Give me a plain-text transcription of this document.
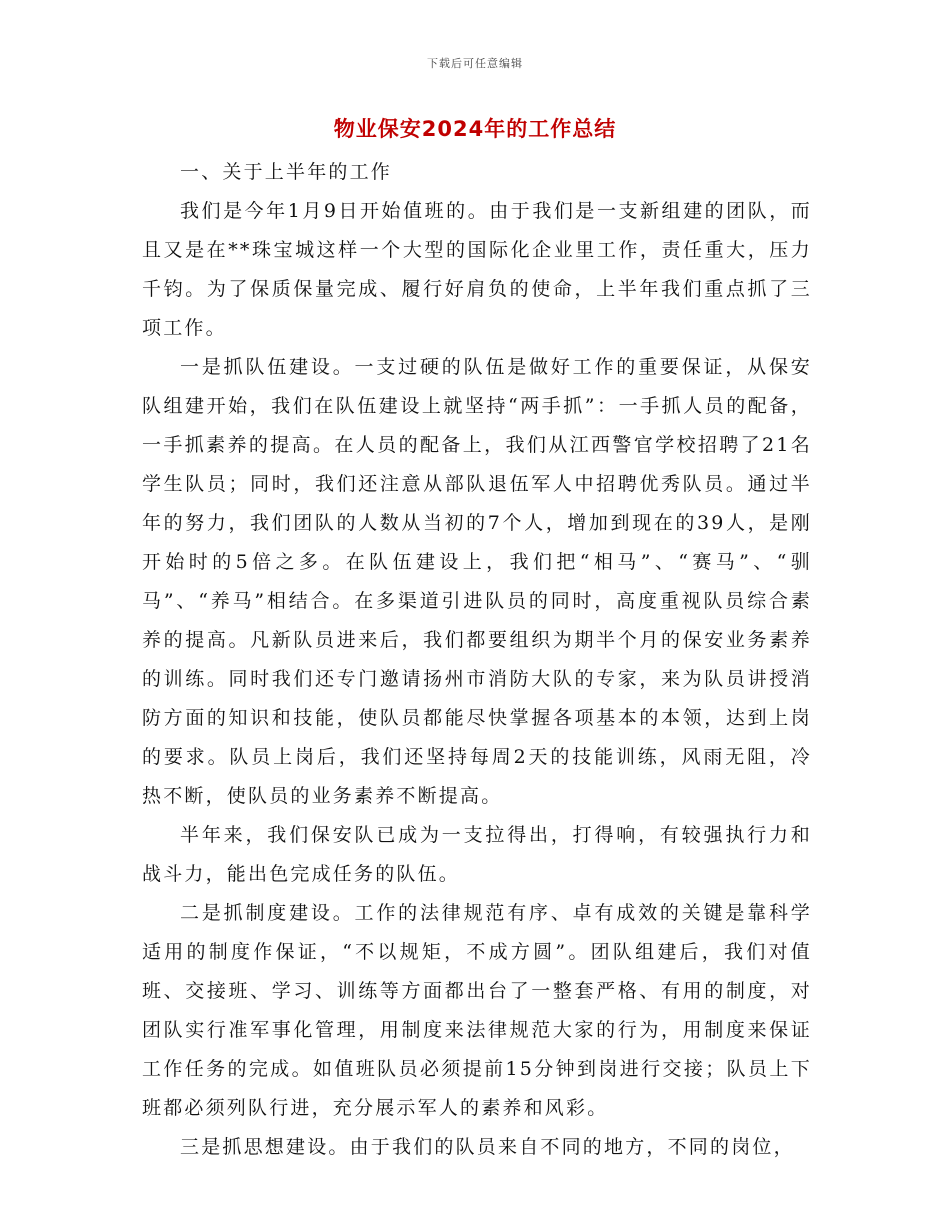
下载后可任意编辑
物业保安2024年的工作总结

一、关于上半年的工作

我们是今年1月9日开始值班的。由于我们是一支新组建的团队，而且又是在**珠宝城这样一个大型的国际化企业里工作，责任重大，压力千钧。为了保质保量完成、履行好肩负的使命，上半年我们重点抓了三项工作。

一是抓队伍建设。一支过硬的队伍是做好工作的重要保证，从保安队组建开始，我们在队伍建设上就坚持“两手抓”：一手抓人员的配备，一手抓素养的提高。在人员的配备上，我们从江西警官学校招聘了21名学生队员；同时，我们还注意从部队退伍军人中招聘优秀队员。通过半年的努力，我们团队的人数从当初的7个人，增加到现在的39人，是刚开始时的5倍之多。在队伍建设上，我们把“相马”、“赛马”、“驯马”、“养马”相结合。在多渠道引进队员的同时，高度重视队员综合素养的提高。凡新队员进来后，我们都要组织为期半个月的保安业务素养的训练。同时我们还专门邀请扬州市消防大队的专家，来为队员讲授消防方面的知识和技能，使队员都能尽快掌握各项基本的本领，达到上岗的要求。队员上岗后，我们还坚持每周2天的技能训练，风雨无阻，冷热不断，使队员的业务素养不断提高。

半年来，我们保安队已成为一支拉得出，打得响，有较强执行力和战斗力，能出色完成任务的队伍。

二是抓制度建设。工作的法律规范有序、卓有成效的关键是靠科学适用的制度作保证，“不以规矩，不成方圆”。团队组建后，我们对值班、交接班、学习、训练等方面都出台了一整套严格、有用的制度，对团队实行准军事化管理，用制度来法律规范大家的行为，用制度来保证工作任务的完成。如值班队员必须提前15分钟到岗进行交接；队员上下班都必须列队行进，充分展示军人的素养和风彩。

三是抓思想建设。由于我们的队员来自不同的地方，不同的岗位，
